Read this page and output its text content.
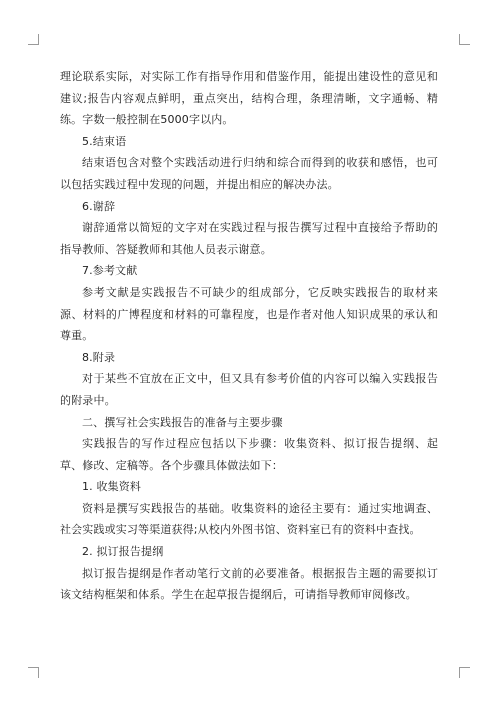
理论联系实际，对实际工作有指导作用和借鉴作用，能提出建设性的意见和建议;报告内容观点鲜明，重点突出，结构合理，条理清晰，文字通畅、精练。字数一般控制在5000字以内。

5.结束语

结束语包含对整个实践活动进行归纳和综合而得到的收获和感悟，也可以包括实践过程中发现的问题，并提出相应的解决办法。

6.谢辞

谢辞通常以简短的文字对在实践过程与报告撰写过程中直接给予帮助的指导教师、答疑教师和其他人员表示谢意。

7.参考文献

参考文献是实践报告不可缺少的组成部分，它反映实践报告的取材来源、材料的广博程度和材料的可靠程度，也是作者对他人知识成果的承认和尊重。

8.附录

对于某些不宜放在正文中，但又具有参考价值的内容可以编入实践报告的附录中。

二、撰写社会实践报告的准备与主要步骤

实践报告的写作过程应包括以下步骤：收集资料、拟订报告提纲、起草、修改、定稿等。各个步骤具体做法如下：

1. 收集资料

资料是撰写实践报告的基础。收集资料的途径主要有：通过实地调查、社会实践或实习等渠道获得;从校内外图书馆、资料室已有的资料中查找。

2. 拟订报告提纲

拟订报告提纲是作者动笔行文前的必要准备。根据报告主题的需要拟订该文结构框架和体系。学生在起草报告提纲后，可请指导教师审阅修改。
